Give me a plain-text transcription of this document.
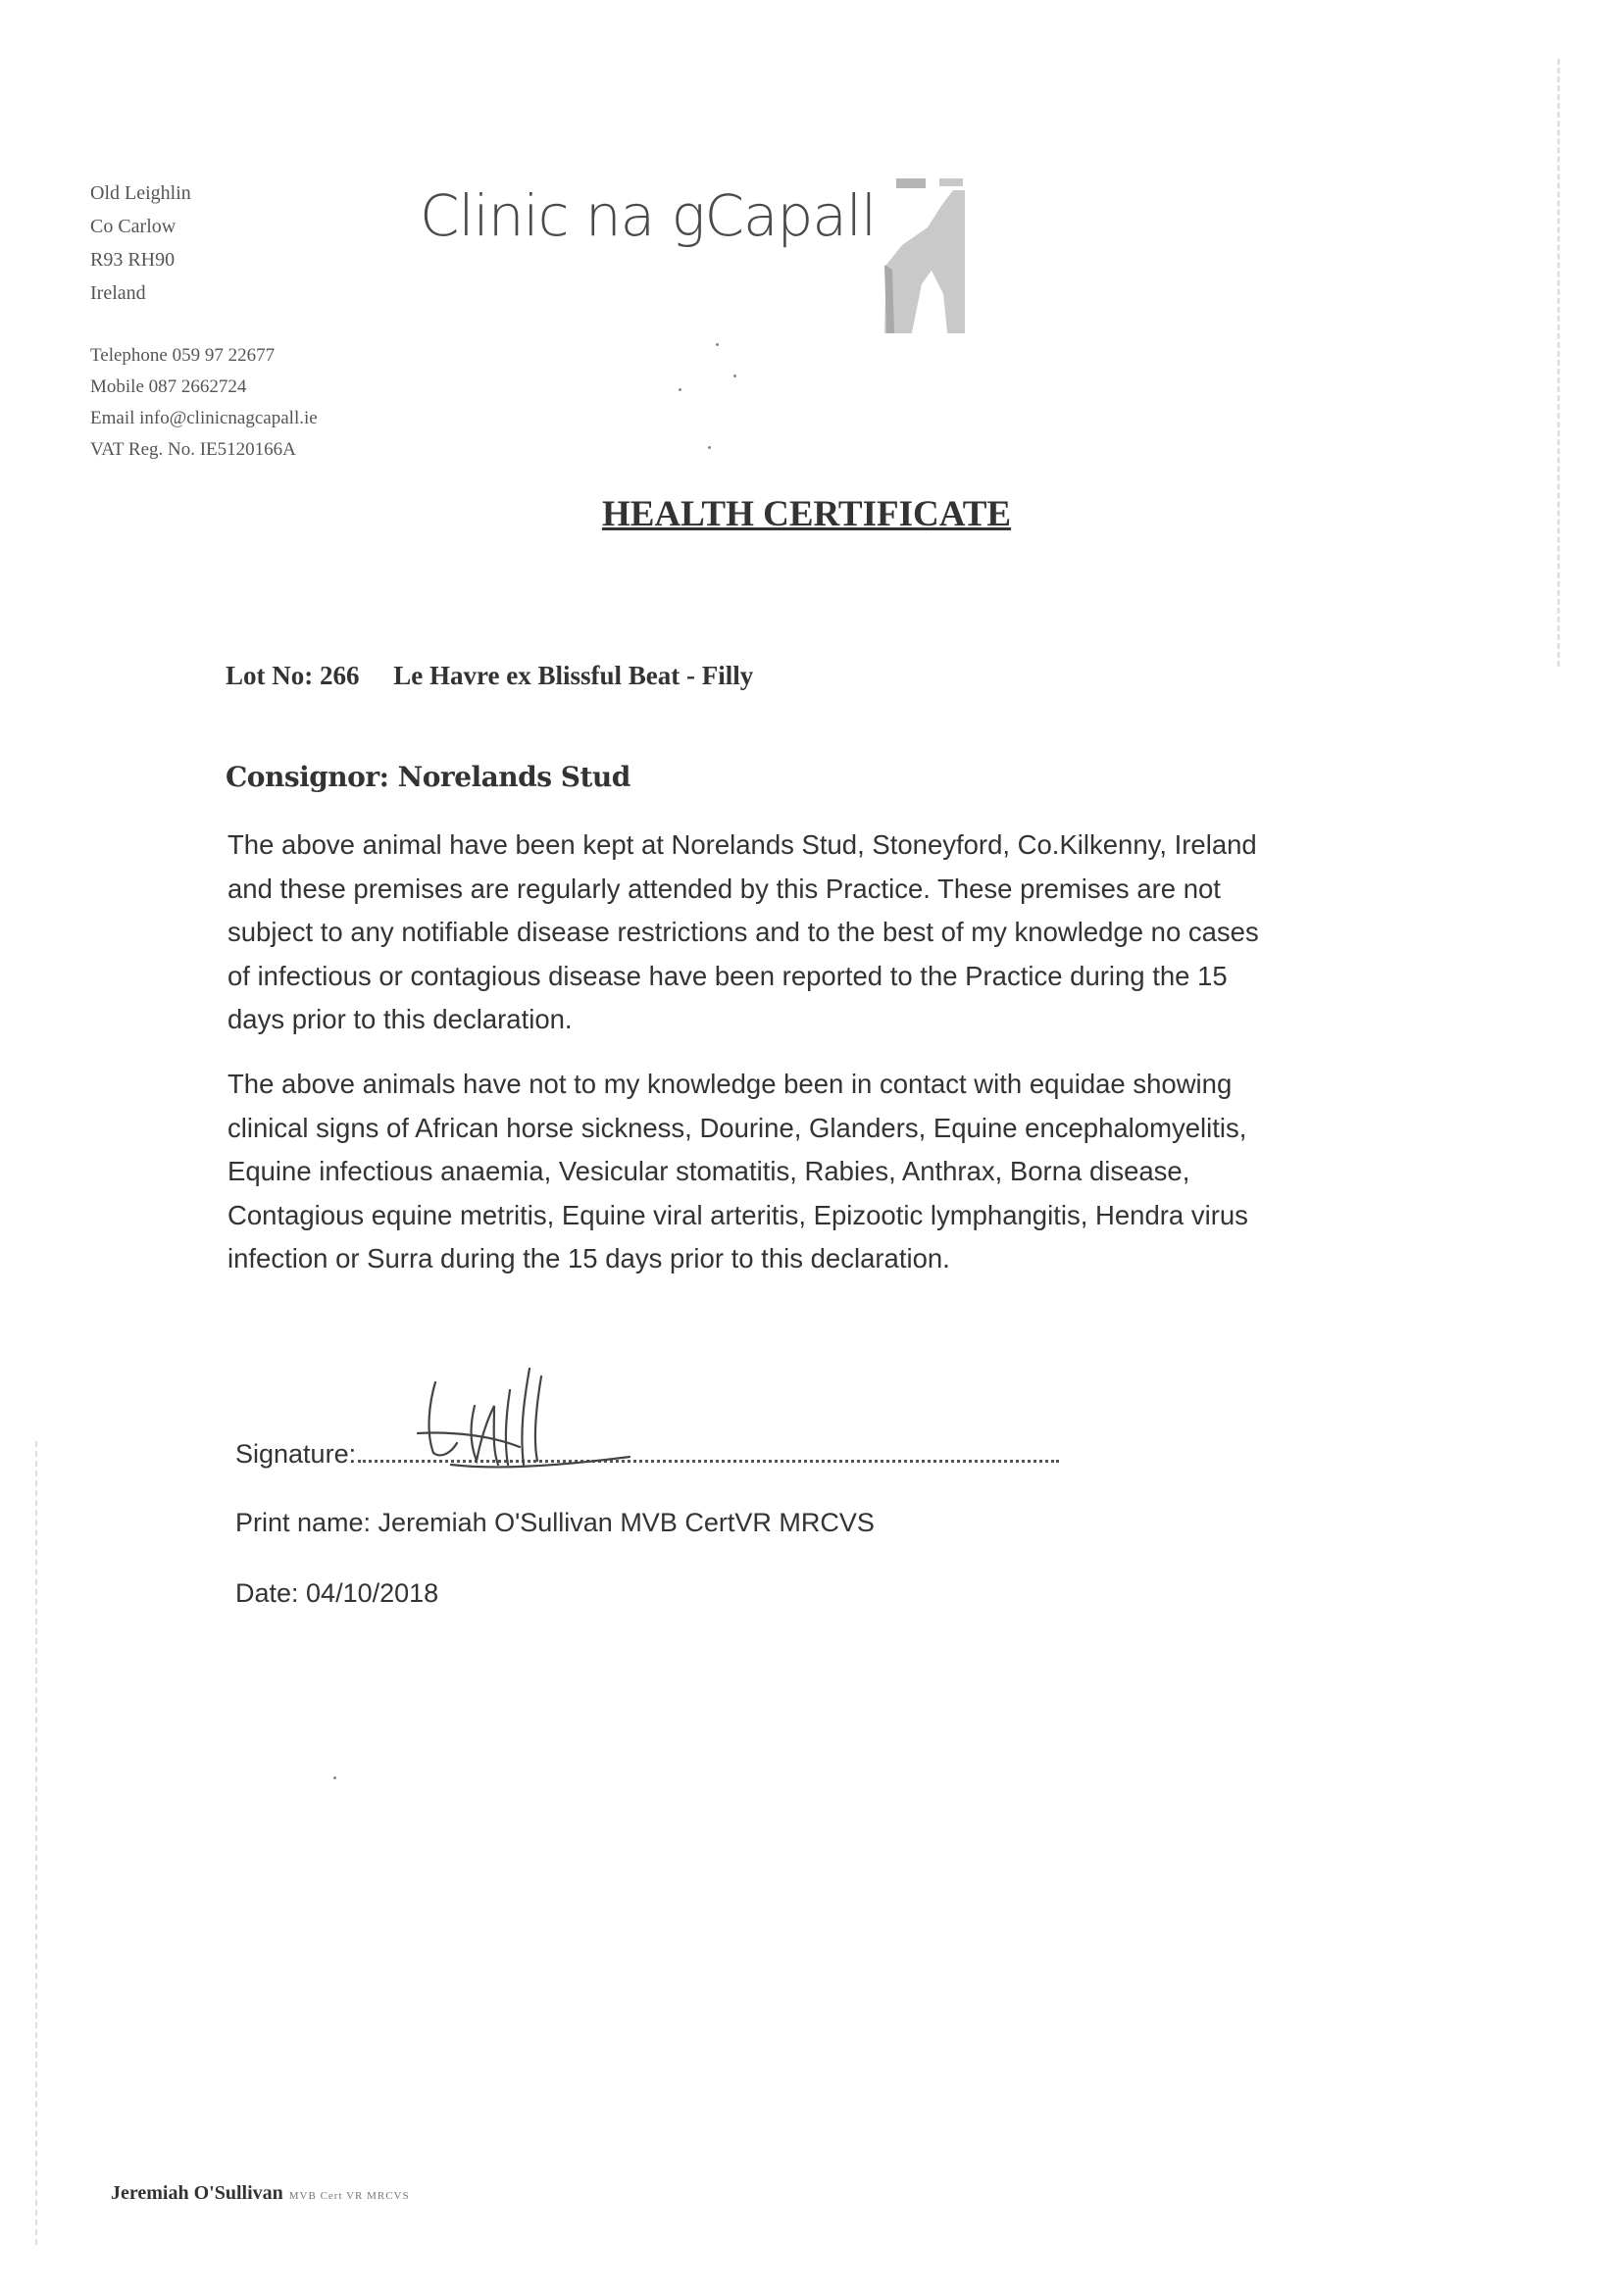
Old Leighlin
Co Carlow
R93 RH90
Ireland
Telephone 059 97 22677
Mobile 087 2662724
Email info@clinicnagcapall.ie
VAT Reg. No. IE5120166A
Clinic na gCapall
HEALTH CERTIFICATE
Lot No: 266 Le Havre ex Blissful Beat - Filly
Consignor: Norelands Stud
The above animal have been kept at Norelands Stud, Stoneyford, Co.Kilkenny, Ireland
and these premises are regularly attended by this Practice. These premises are not
subject to any notifiable disease restrictions and to the best of my knowledge no cases
of infectious or contagious disease have been reported to the Practice during the 15
days prior to this declaration.
The above animals have not to my knowledge been in contact with equidae showing
clinical signs of African horse sickness, Dourine, Glanders, Equine encephalomyelitis,
Equine infectious anaemia, Vesicular stomatitis, Rabies, Anthrax, Borna disease,
Contagious equine metritis, Equine viral arteritis, Epizootic lymphangitis, Hendra virus
infection or Surra during the 15 days prior to this declaration.
Signature:
Print name: Jeremiah O'Sullivan MVB CertVR MRCVS
Date: 04/10/2018
Jeremiah O'Sullivan MVB Cert VR MRCVS
